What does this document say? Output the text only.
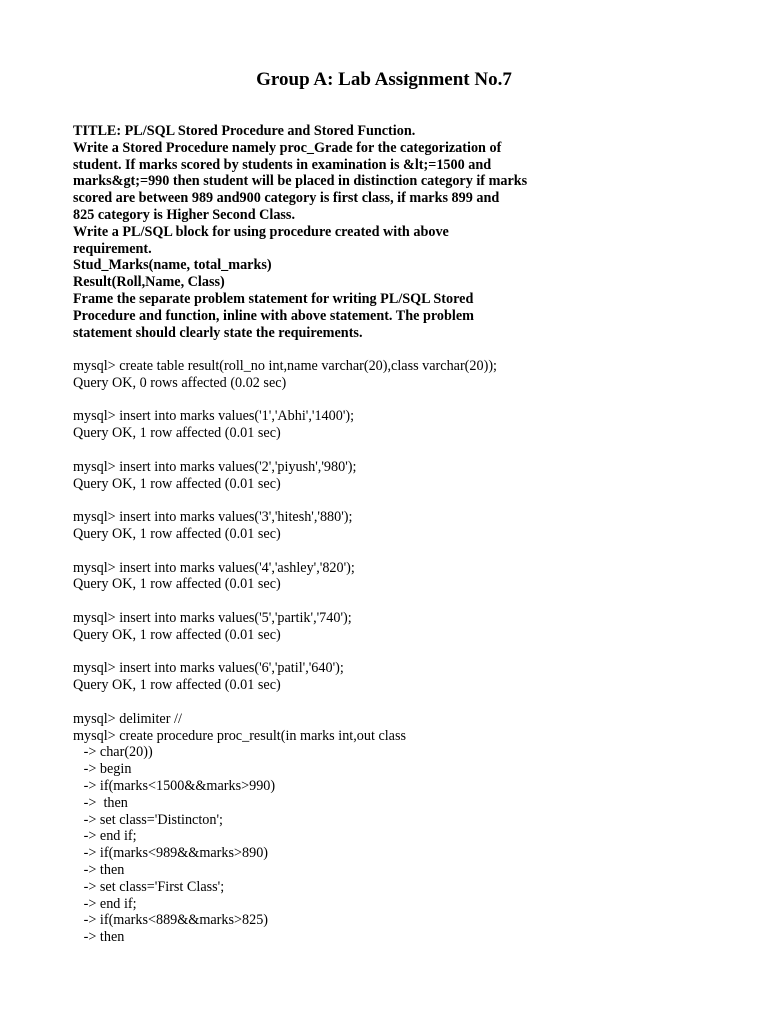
Group A: Lab Assignment No.7
TITLE: PL/SQL Stored Procedure and Stored Function.
Write a Stored Procedure namely proc_Grade for the categorization of
student. If marks scored by students in examination is &lt;=1500 and
marks&gt;=990 then student will be placed in distinction category if marks
scored are between 989 and900 category is first class, if marks 899 and
825 category is Higher Second Class.
Write a PL/SQL block for using procedure created with above
requirement.
Stud_Marks(name, total_marks)
Result(Roll,Name, Class)
Frame the separate problem statement for writing PL/SQL Stored
Procedure and function, inline with above statement. The problem
statement should clearly state the requirements.
mysql> create table result(roll_no int,name varchar(20),class varchar(20));
Query OK, 0 rows affected (0.02 sec)
mysql> insert into marks values('1','Abhi','1400');
Query OK, 1 row affected (0.01 sec)
mysql> insert into marks values('2','piyush','980');
Query OK, 1 row affected (0.01 sec)
mysql> insert into marks values('3','hitesh','880');
Query OK, 1 row affected (0.01 sec)
mysql> insert into marks values('4','ashley','820');
Query OK, 1 row affected (0.01 sec)
mysql> insert into marks values('5','partik','740');
Query OK, 1 row affected (0.01 sec)
mysql> insert into marks values('6','patil','640');
Query OK, 1 row affected (0.01 sec)
mysql> delimiter //
mysql> create procedure proc_result(in marks int,out class
-> char(20))
-> begin
-> if(marks<1500&&marks>990)
->  then
-> set class='Distincton';
-> end if;
-> if(marks<989&&marks>890)
-> then
-> set class='First Class';
-> end if;
-> if(marks<889&&marks>825)
-> then
